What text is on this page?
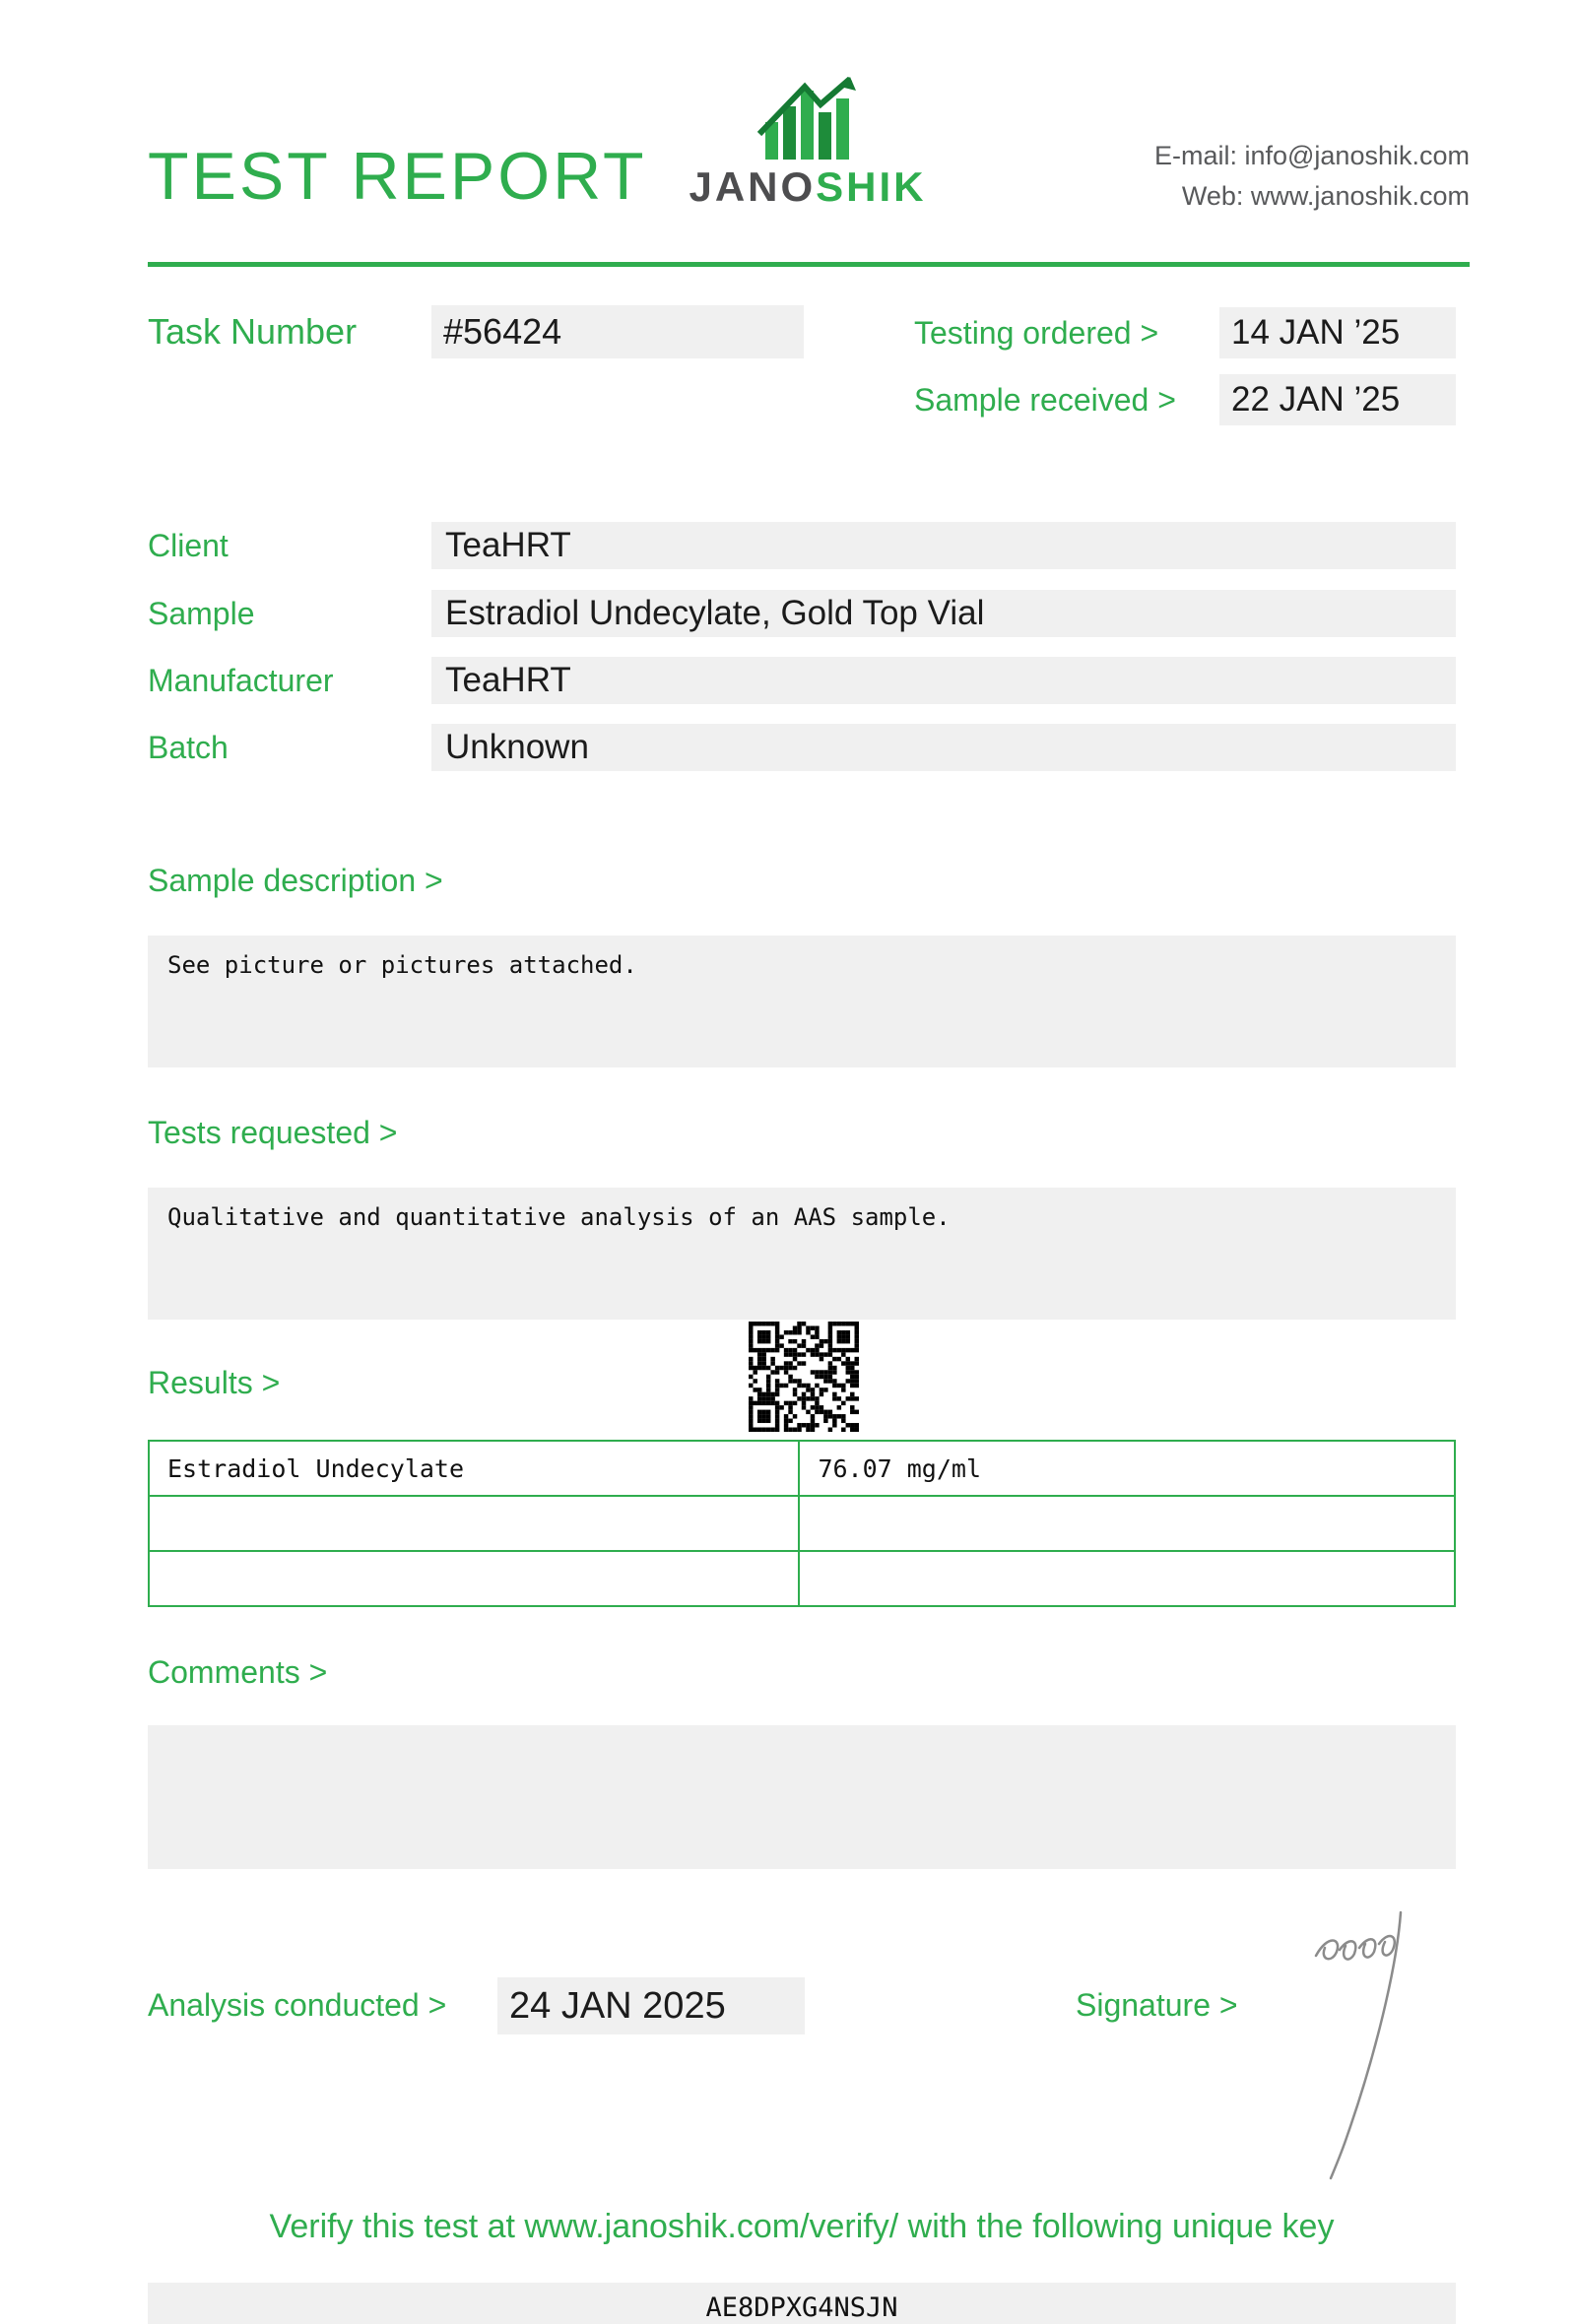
TEST REPORT JANOSHIK
E-mail: info@janoshik.com
Web: www.janoshik.com
Task Number	#56424	Testing ordered >	14 JAN ’25
Sample received >	22 JAN ’25
Client	TeaHRT
Sample	Estradiol Undecylate, Gold Top Vial
Manufacturer	TeaHRT
Batch	Unknown
Sample description >
See picture or pictures attached.
Tests requested >
Qualitative and quantitative analysis of an AAS sample.
Results >
Estradiol Undecylate	76.07 mg/ml

Comments >
Analysis conducted >	24 JAN 2025	Signature >
Verify this test at www.janoshik.com/verify/ with the following unique key
AE8DPXG4NSJN
